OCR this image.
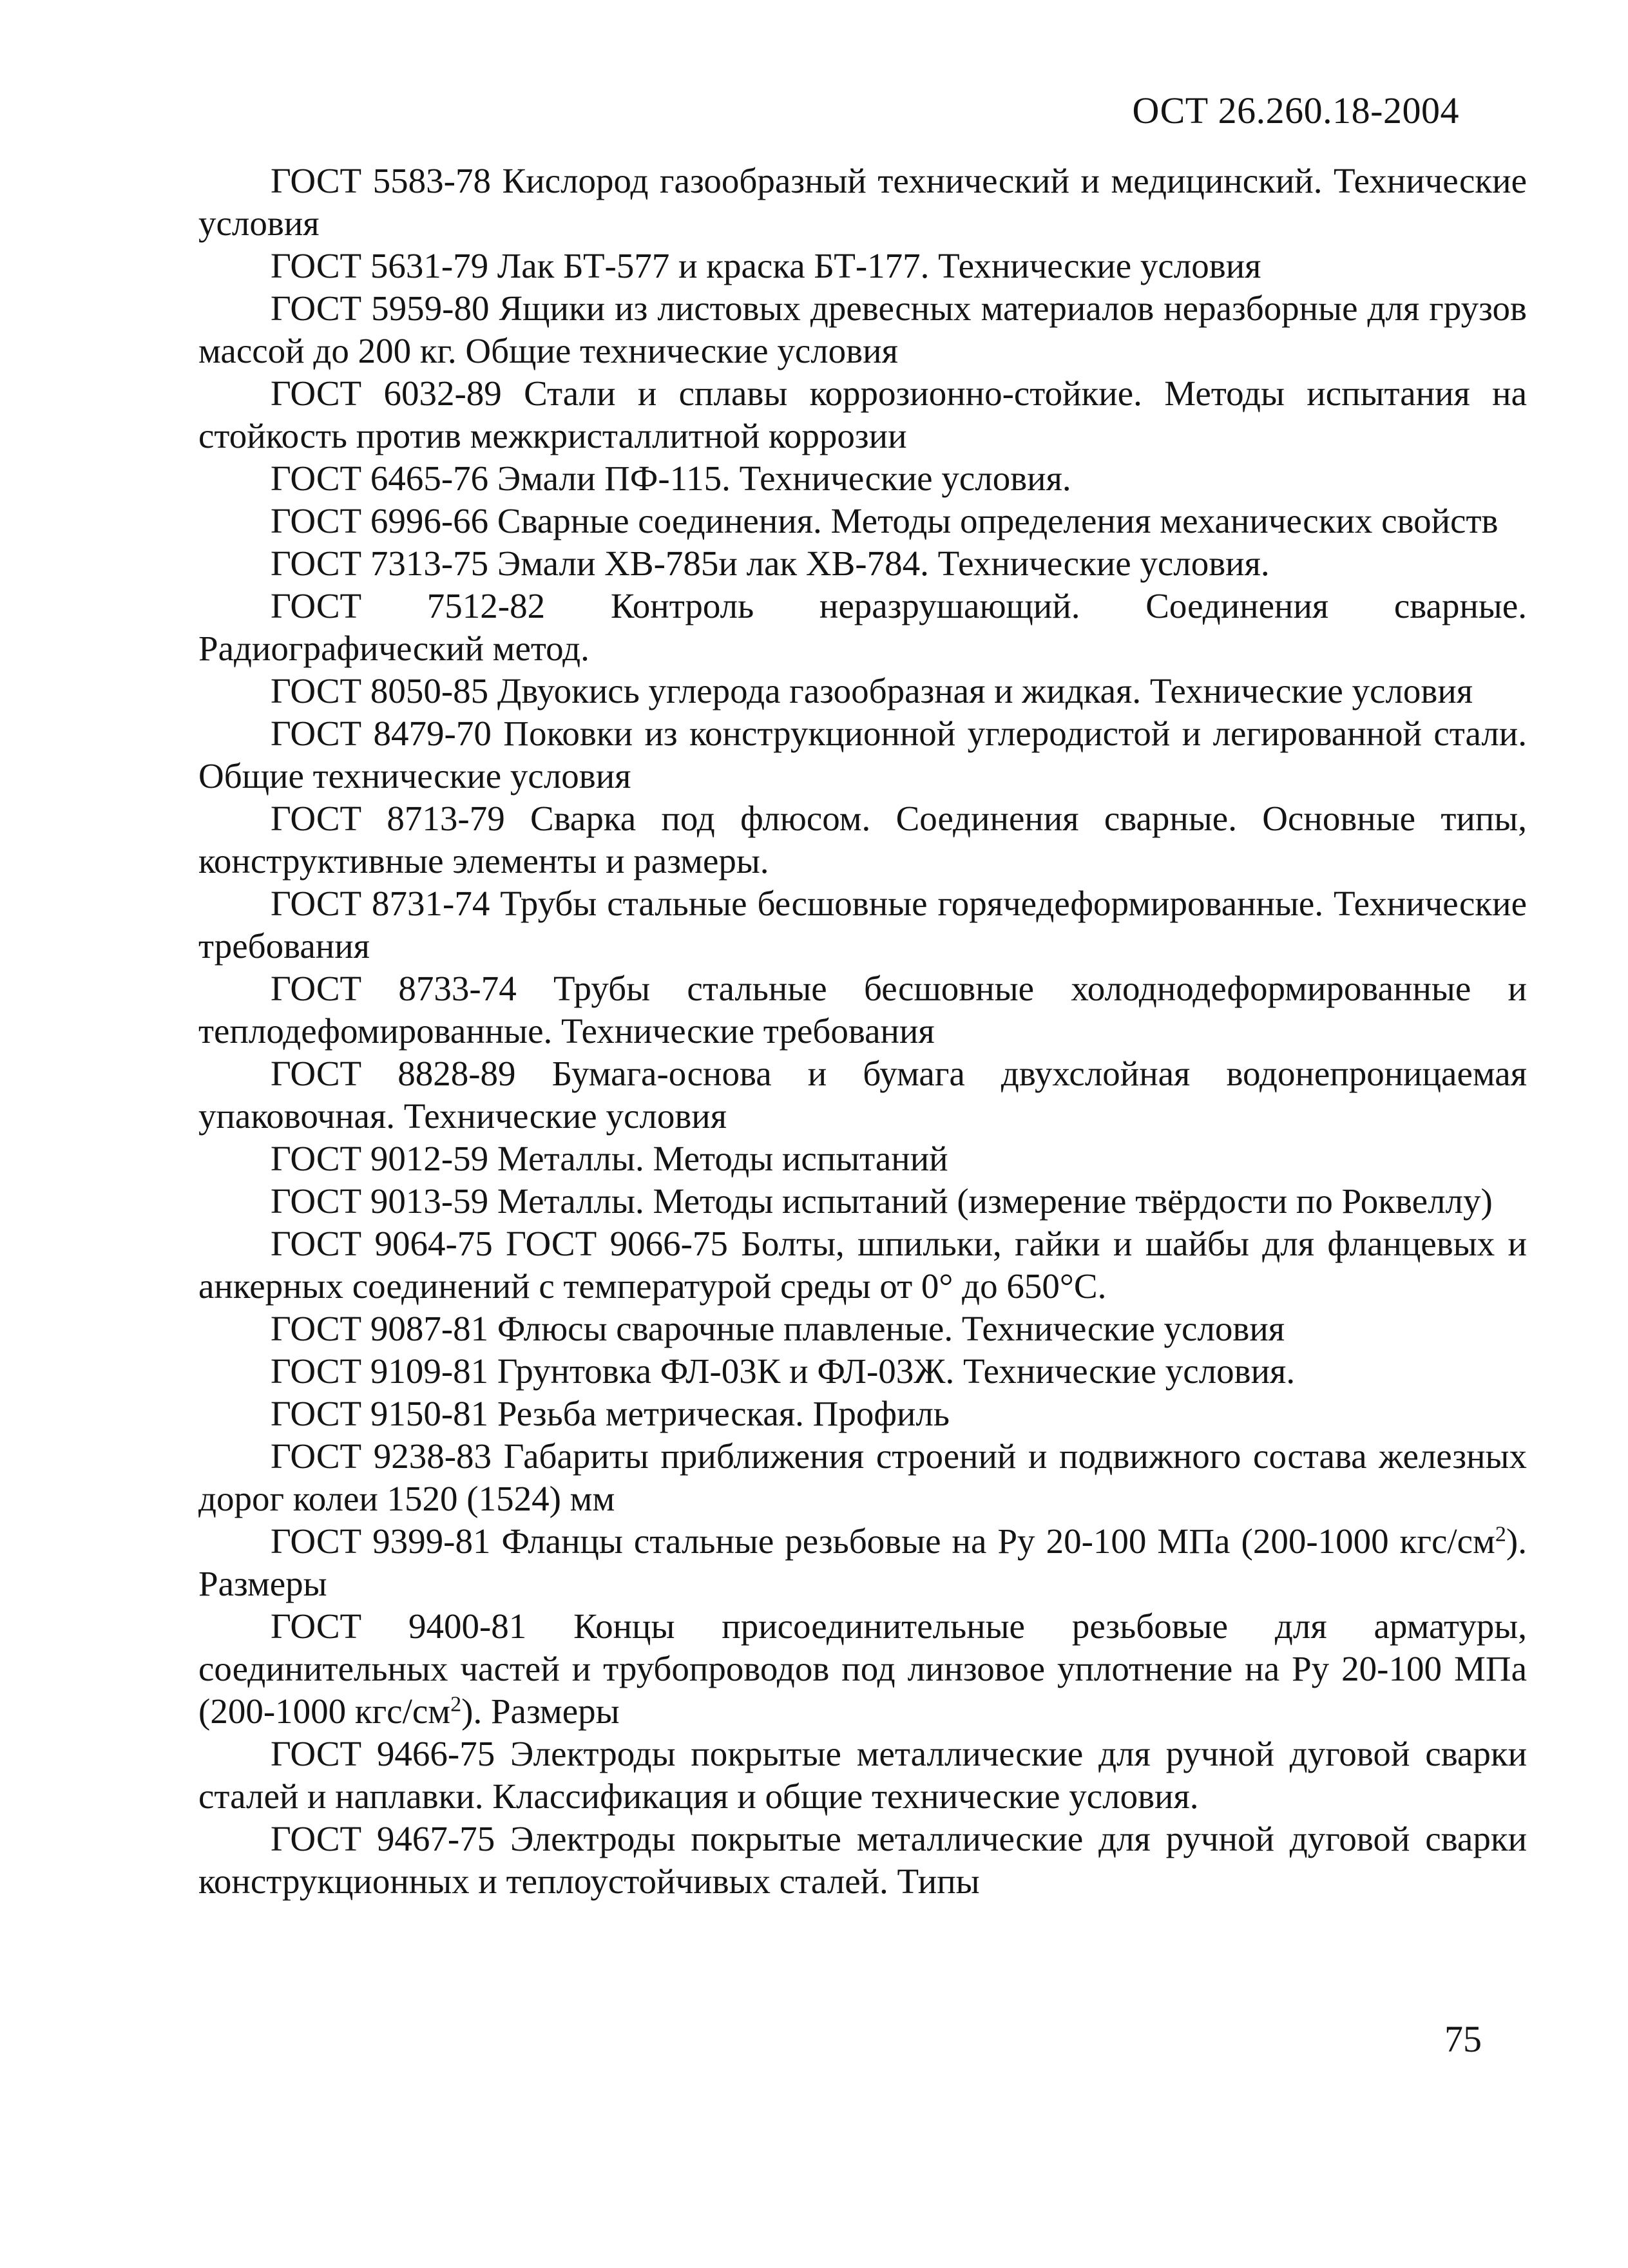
ОСТ 26.260.18-2004

ГОСТ 5583-78 Кислород газообразный технический и медицинский. Технические условия

ГОСТ 5631-79 Лак БТ-577 и краска БТ-177. Технические условия

ГОСТ 5959-80 Ящики из листовых древесных материалов неразборные для грузов массой до 200 кг. Общие технические условия

ГОСТ 6032-89 Стали и сплавы коррозионно-стойкие. Методы испытания на стойкость против межкристаллитной коррозии

ГОСТ 6465-76 Эмали ПФ-115. Технические условия.

ГОСТ 6996-66 Сварные соединения. Методы определения механических свойств

ГОСТ 7313-75 Эмали ХВ-785и лак ХВ-784. Технические условия.

ГОСТ 7512-82 Контроль неразрушающий. Соединения сварные. Радиографический метод.

ГОСТ 8050-85 Двуокись углерода газообразная и жидкая. Технические условия

ГОСТ 8479-70 Поковки из конструкционной углеродистой и легированной стали. Общие технические условия

ГОСТ 8713-79 Сварка под флюсом. Соединения сварные. Основные типы, конструктивные элементы и размеры.

ГОСТ 8731-74 Трубы стальные бесшовные горячедеформированные. Технические требования

ГОСТ 8733-74 Трубы стальные бесшовные холоднодеформированные и теплодефомированные. Технические требования

ГОСТ 8828-89 Бумага-основа и бумага двухслойная водонепроницаемая упаковочная. Технические условия

ГОСТ 9012-59 Металлы. Методы испытаний

ГОСТ 9013-59 Металлы. Методы испытаний (измерение твёрдости по Роквеллу)

ГОСТ 9064-75 ГОСТ 9066-75 Болты, шпильки, гайки и шайбы для фланцевых и анкерных соединений с температурой среды от 0° до 650°С.

ГОСТ 9087-81 Флюсы сварочные плавленые. Технические условия

ГОСТ 9109-81 Грунтовка ФЛ-03К и ФЛ-03Ж. Технические условия.

ГОСТ 9150-81 Резьба метрическая. Профиль

ГОСТ 9238-83 Габариты приближения строений и подвижного состава железных дорог колеи 1520 (1524) мм

ГОСТ 9399-81 Фланцы стальные резьбовые на Ру 20-100 МПа (200-1000 кгс/$см^2$). Размеры

ГОСТ 9400-81 Концы присоединительные резьбовые для арматуры, соединительных частей и трубопроводов под линзовое уплотнение на Ру 20-100 МПа (200-1000 кгс/$см^2$). Размеры

ГОСТ 9466-75 Электроды покрытые металлические для ручной дуговой сварки сталей и наплавки. Классификация и общие технические условия.

ГОСТ 9467-75 Электроды покрытые металлические для ручной дуговой сварки конструкционных и теплоустойчивых сталей. Типы

75
